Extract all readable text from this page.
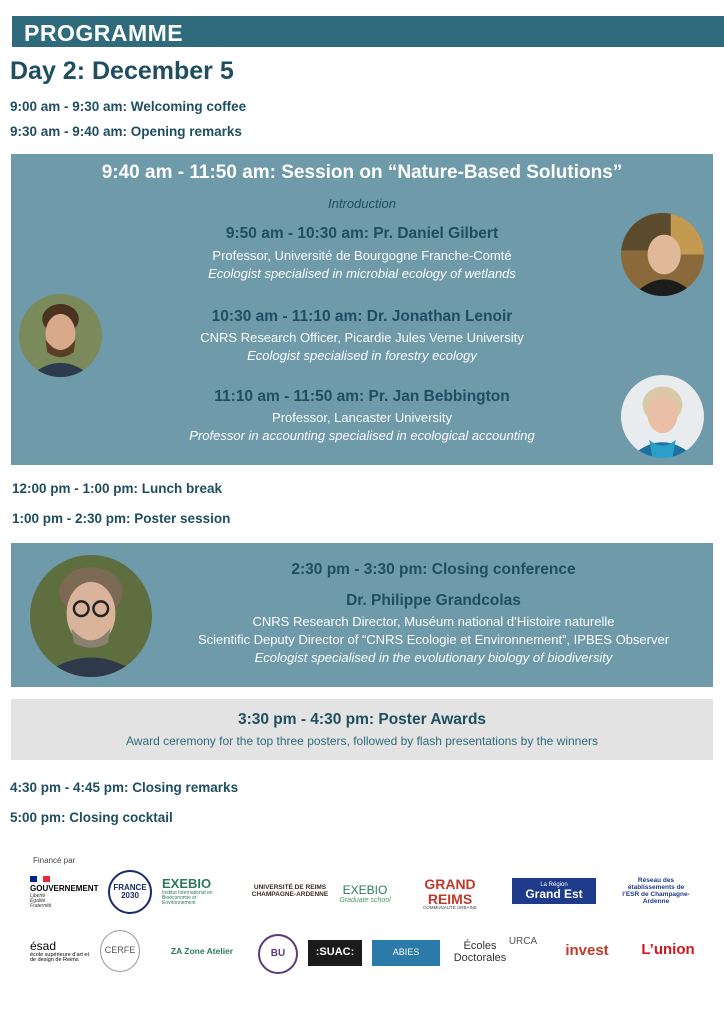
PROGRAMME
Day 2: December 5
9:00 am - 9:30 am: Welcoming coffee
9:30 am - 9:40 am: Opening remarks
9:40 am - 11:50 am: Session on “Nature-Based Solutions”
Introduction
9:50 am - 10:30 am: Pr. Daniel Gilbert
Professor, Université de Bourgogne Franche-Comté
Ecologist specialised in microbial ecology of wetlands
10:30 am - 11:10 am: Dr. Jonathan Lenoir
CNRS Research Officer, Picardie Jules Verne University
Ecologist specialised in forestry ecology
11:10 am - 11:50 am: Pr. Jan Bebbington
Professor, Lancaster University
Professor in accounting specialised in ecological accounting
12:00 pm - 1:00 pm: Lunch break
1:00 pm - 2:30 pm: Poster session
2:30 pm - 3:30 pm: Closing conference
Dr. Philippe Grandcolas
CNRS Research Director, Muséum national d’Histoire naturelle
Scientific Deputy Director of “CNRS Ecologie et Environnement”, IPBES Observer
Ecologist specialised in the evolutionary biology of biodiversity
3:30 pm - 4:30 pm: Poster Awards
Award ceremony for the top three posters, followed by flash presentations by the winners
4:30 pm - 4:45 pm: Closing remarks
5:00 pm: Closing cocktail
Financé par
GOUVERNEMENT
Liberté Égalité Fraternité
FRANCE 2030
EXEBIO
Institut International en Bioéconomie et Environnement
UNIVERSITÉ DE REIMS CHAMPAGNE-ARDENNE EXEBIO
Graduate school
GRAND REIMS
COMMUNAUTÉ URBAINE
La Région
Grand Est
Réseau des établissements de l’ESR de Champagne-Ardenne
ésad
école supérieure d’art et de design de Reims
CERFE	ZA Zone Atelier	BU	:SUAC:	ABIES	Écoles Doctorales
URCA
invest	L’union
